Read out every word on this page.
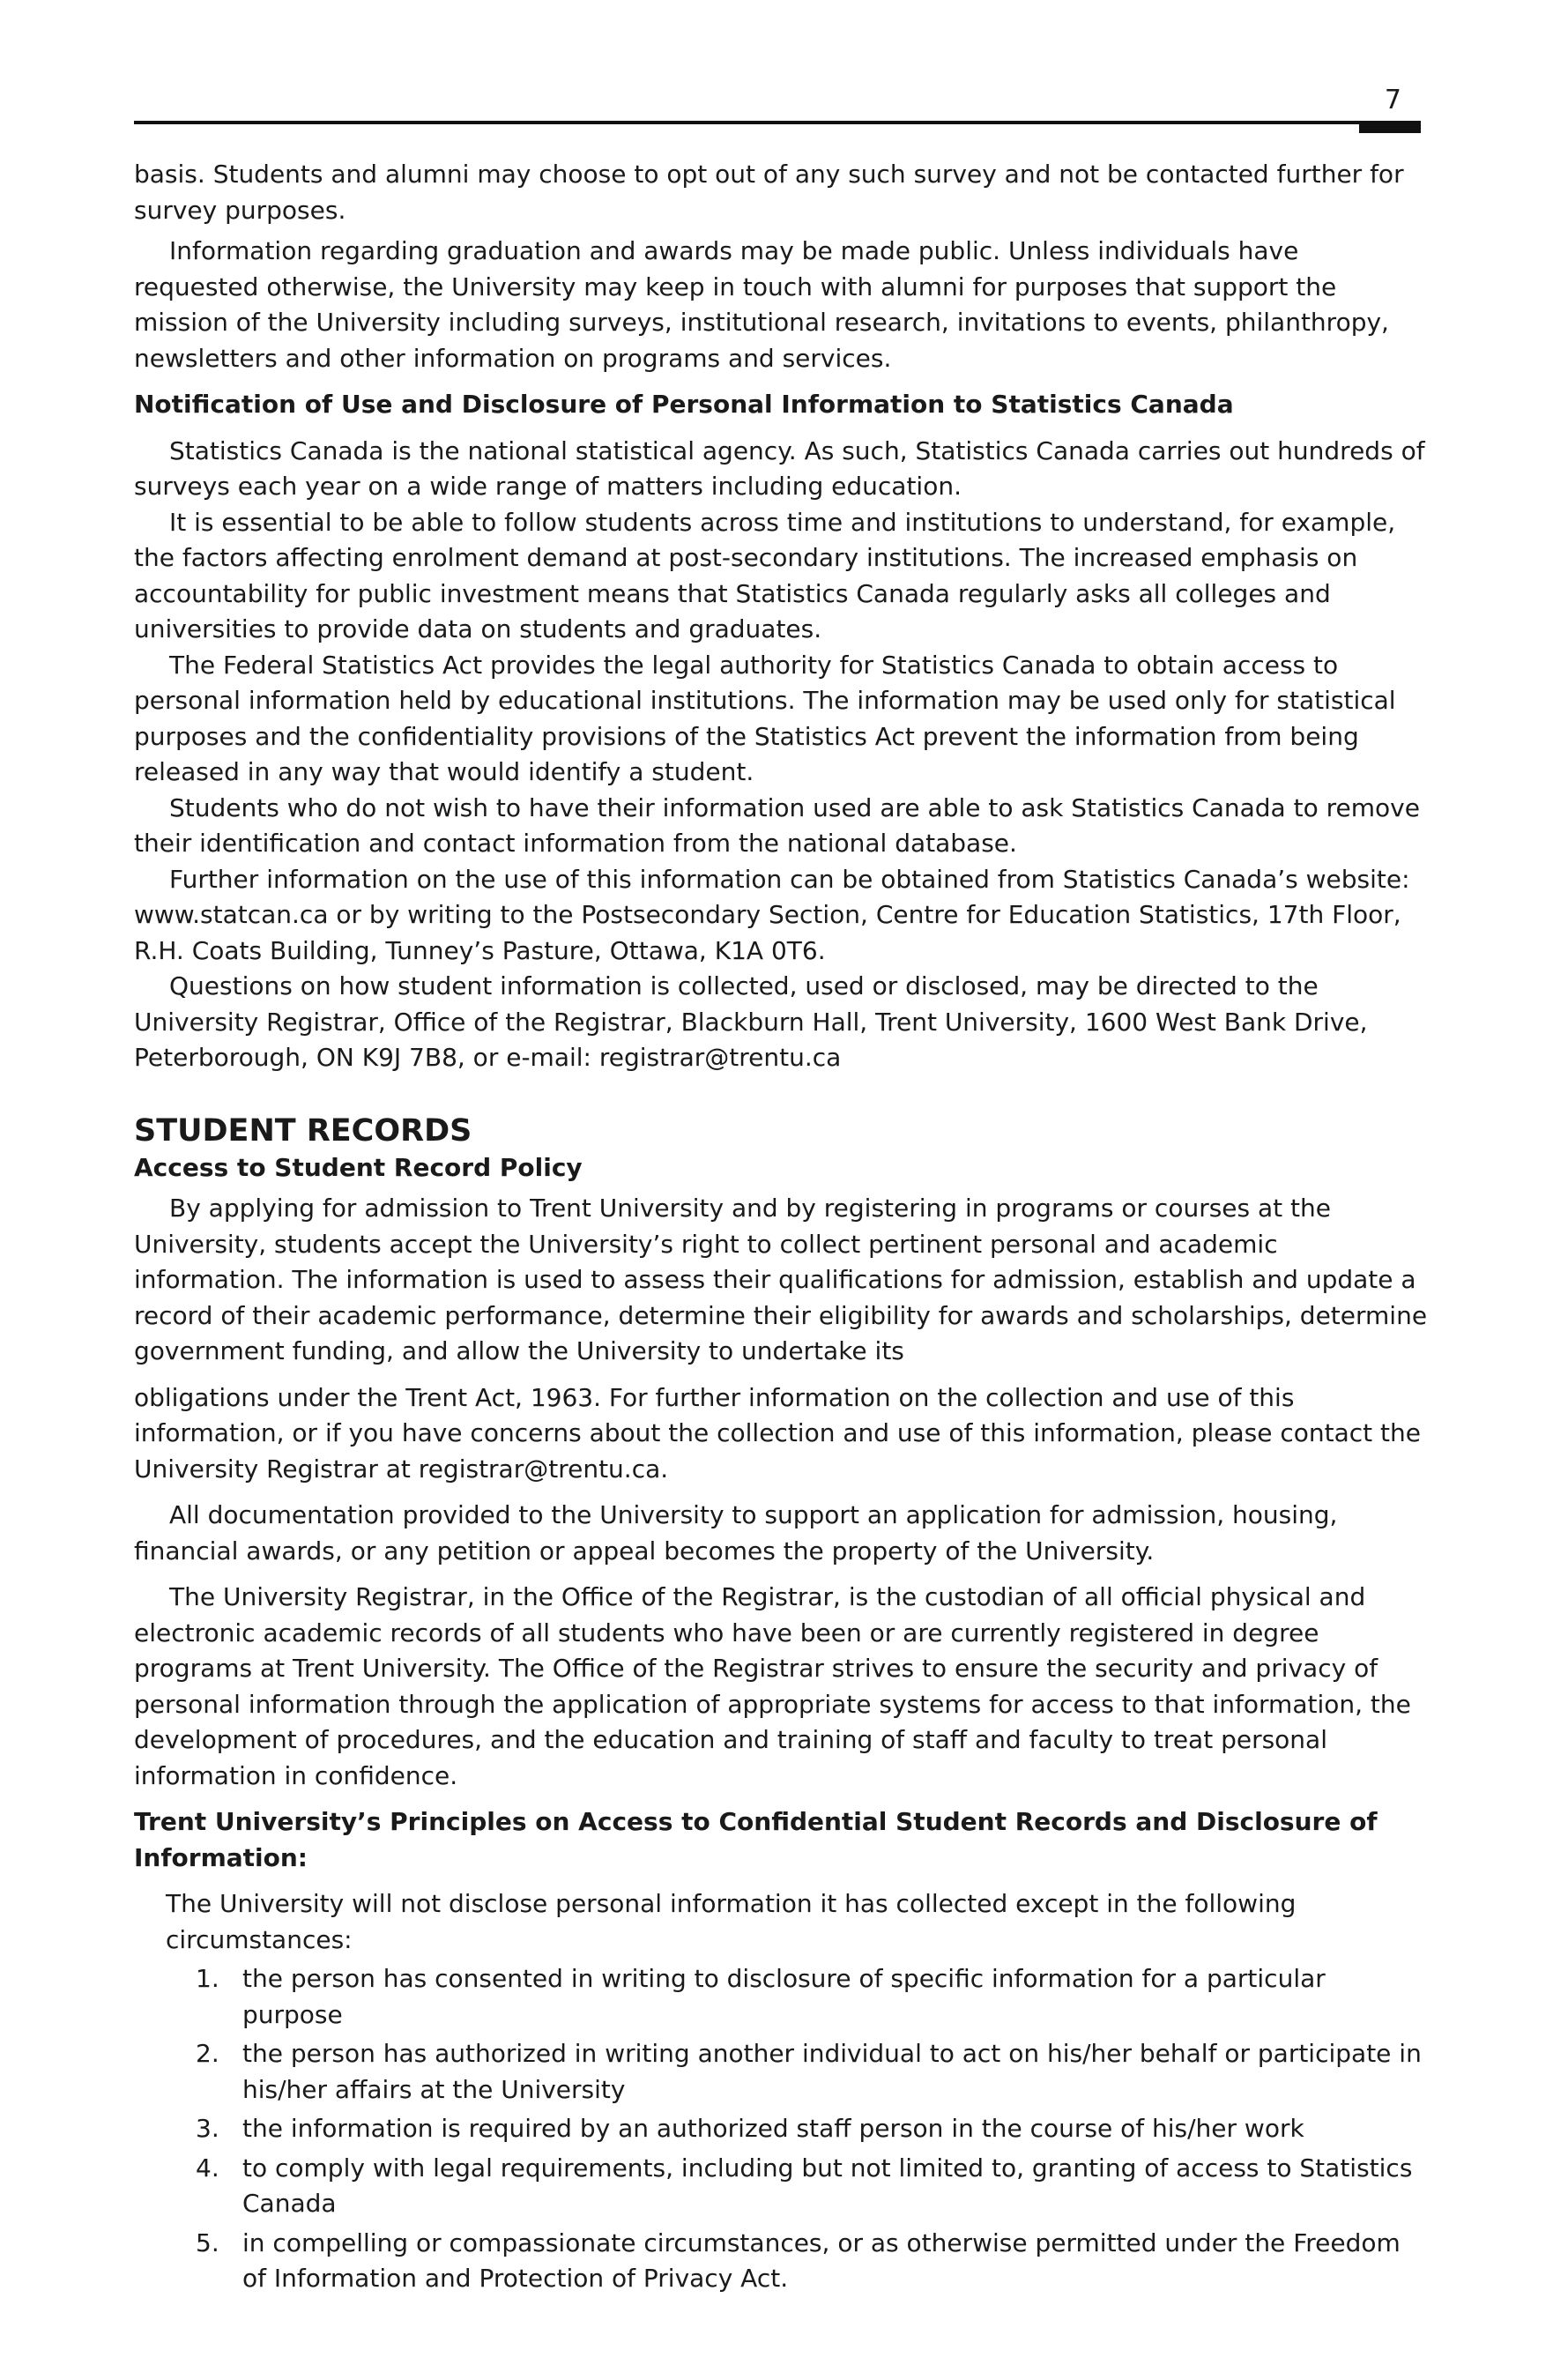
7

basis. Students and alumni may choose to opt out of any such survey and not be contacted further for survey purposes.

Information regarding graduation and awards may be made public. Unless individuals have requested otherwise, the University may keep in touch with alumni for purposes that support the mission of the University including surveys, institutional research, invitations to events, philanthropy, newsletters and other information on programs and services.

Notification of Use and Disclosure of Personal Information to Statistics Canada

Statistics Canada is the national statistical agency. As such, Statistics Canada carries out hundreds of surveys each year on a wide range of matters including education.

It is essential to be able to follow students across time and institutions to understand, for example, the factors affecting enrolment demand at post-secondary institutions. The increased emphasis on accountability for public investment means that Statistics Canada regularly asks all colleges and universities to provide data on students and graduates.

The Federal Statistics Act provides the legal authority for Statistics Canada to obtain access to personal information held by educational institutions. The information may be used only for statistical purposes and the confidentiality provisions of the Statistics Act prevent the information from being released in any way that would identify a student.

Students who do not wish to have their information used are able to ask Statistics Canada to remove their identification and contact information from the national database.

Further information on the use of this information can be obtained from Statistics Canada’s website: www.statcan.ca or by writing to the Postsecondary Section, Centre for Education Statistics, 17th Floor, R.H. Coats Building, Tunney’s Pasture, Ottawa, K1A 0T6.

Questions on how student information is collected, used or disclosed, may be directed to the University Registrar, Office of the Registrar, Blackburn Hall, Trent University, 1600 West Bank Drive, Peterborough, ON K9J 7B8, or e-mail: registrar@trentu.ca

STUDENT RECORDS
Access to Student Record Policy

By applying for admission to Trent University and by registering in programs or courses at the University, students accept the University’s right to collect pertinent personal and academic information. The information is used to assess their qualifications for admission, establish and update a record of their academic performance, determine their eligibility for awards and scholarships, determine government funding, and allow the University to undertake its

obligations under the Trent Act, 1963. For further information on the collection and use of this information, or if you have concerns about the collection and use of this information, please contact the University Registrar at registrar@trentu.ca.

All documentation provided to the University to support an application for admission, housing, financial awards, or any petition or appeal becomes the property of the University.

The University Registrar, in the Office of the Registrar, is the custodian of all official physical and electronic academic records of all students who have been or are currently registered in degree programs at Trent University. The Office of the Registrar strives to ensure the security and privacy of personal information through the application of appropriate systems for access to that information, the development of procedures, and the education and training of staff and faculty to treat personal information in confidence.

Trent University’s Principles on Access to Confidential Student Records and Disclosure of Information:

The University will not disclose personal information it has collected except in the following circumstances:

1. the person has consented in writing to disclosure of specific information for a particular purpose
2. the person has authorized in writing another individual to act on his/her behalf or participate in his/her affairs at the University
3. the information is required by an authorized staff person in the course of his/her work
4. to comply with legal requirements, including but not limited to, granting of access to Statistics Canada
5. in compelling or compassionate circumstances, or as otherwise permitted under the Freedom of Information and Protection of Privacy Act.
